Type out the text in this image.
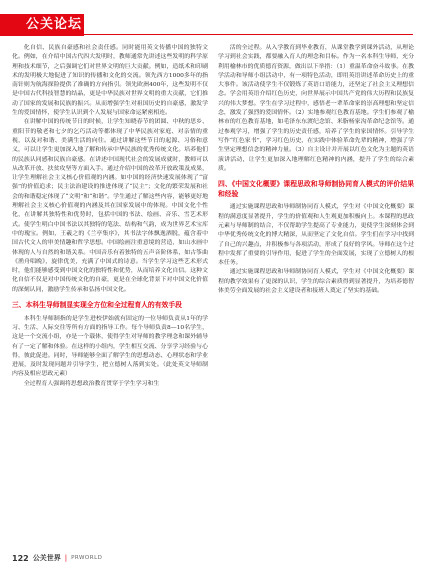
公关论坛

化自信、民族自豪感和社会责任感。同时能用英文传播中国的独特文化。例如，在介绍中国古代四大发明时，教师通常先讲述这些发明的科学原理和技术细节，之后强调它们对世界文明的巨大贡献。例如，造纸术和印刷术的发明极大地促进了知识的传播和文化的交流。领先西方1000多年的指南针则为航海探险提供了准确的方向指引。领先欧洲400年，这些发明不仅是中国古代科技智慧的结晶，更是中华民族对世界文明的重大贡献，它们推动了国家的发展和民族的振兴。从而增强学生对祖国历史的自豪感，激发学生的爱国情怀，使学生认识到个人发展与国家命运紧密相连。

在讲解中国的传统节日的时候，让学生知晓春节的团圆、中秋的思乡、重阳节的敬老和七夕的乞巧活动等都体现了中华民族对家庭、对亲情的重视，以及对和谐、美满生活的向往。通过讲解这些节日的起源、习俗和意义，可以让学生更加深入地了解和传承中华民族的优秀传统文化。培养他们的民族认同感和民族自豪感。在讲述中国现代社会的发展成就时，教师可以从改革开放、扶贫攻坚等方面入手。通过介绍中国的改革开放政策及成果，让学生理解社会主义核心价值观的内涵。如中国的经济快速发展体现了“富强”的价值追求；民主法治建设的推进体现了“民主”；文化的繁荣发展和社会的和谐稳定体现了“文明”和“和谐”。学生通过了解这些内容，能够更好地理解社会主义核心价值观的内涵及其在国家发展中的体现。中国文化个性化，在讲解其独特性和优势时，包括中国的书法、绘画、音乐、雪艺术形式。使学生明白中国书法以其独特的笔法、结构和气韵，成为世界艺术宝库中的瑰宝。例如，王羲之的《兰亭集序》，其书法字体飘逸洒脱，蕴含着中国古代文人的审美情趣和哲学思想。中国绘画注重意境的营造，如山水画中体现的人与自然的和谐关系。中国音乐有着独特的五声音阶体系，如古筝曲《渔舟唱晚》，旋律优美，充满了中国式的诗意。当学生学习这些艺术形式时，他们能够感受到中国文化的独特性和优势，从而培养文化自信。这种文化自信不仅是对中国传统文化的自豪，更是在全球化背景下对中国文化价值的深刻认同，激励学生传承和弘扬中国文化。

三、本科生导师制显实现全方位和全过程育人的有效手段

本科生导师制指的是学生进校伊始就有固定的一位导师负责从1年的学习、生活、人际交往等所有方面的指导工作。每个导师负责8—10名学生，这是一个交流小组，亦是一个载体，使得学生对导师的教学理念和课外辅导有了一定了解和体验。在这样的小组内，学生相互交流、分享学习经验与心得，彼此促进。同时，导师能够全面了解学生的思想动态、心理状态和学业进展，及时发现问题并引导学生，把立德树人落到实处。（此处英文导师制内容及相应思政元素）

全过程育人强调将思想政治教育贯穿于学生学习和生

活的全过程。从入学教育到毕业教育，从课堂教学到课外活动，从理论学习到社会实践，都要融入育人的理念和目标。作为一名本科生导师，充分利用榆林市的优质德育资源，做出以下举措：（1）重温革命奋斗故事。在教学活动和导师小组活动中，有一项特色活动，即用英语讲述革命历史上的重大事件。该活动使学生不仅锻炼了英语口语能力，还坚定了社会主义理想信念。学会用英语介绍红色历史，向世界展示中国共产党的伟大历程和民族复兴的伟大梦想。学生在学习过程中，感悟老一辈革命家的崇高理想和坚定信念，激发了强烈的爱国情怀。（2）实地参观红色教育基地。学生们参观了榆林市的红色教育基地，如毛泽东东渡纪念馆、米脂杨家沟革命纪念馆等。通过参观学习，增强了学生的历史责任感，培养了学生的家国情怀。引导学生写作“红色家书”，学习红色历史，在实践中体验革命先辈的精神，增强了学生坚定理想信念的精神力量。（3）自主设计并开展以红色文化为主题的英语演讲活动，让学生更加深入地理解红色精神的内涵，提升了学生的综合素质。

四、《中国文化概要》课程思政和导师制协同育人模式的评价结果和经验

通过实施课程思政和导师制协同育人模式，学生对《中国文化概要》课程的满意度显著提升，学生的价值观和人生观更加积极向上。本课程的思政元素与导师制的结合，不仅帮助学生提高了专业能力，更使学生深刻体会到中华优秀传统文化的博大精深，从而坚定了文化自信。学生们在学习中找到了自己的兴趣点，并积极参与各项活动，形成了良好的学风。导师在这个过程中发挥了重要的引导作用，促进了学生的全面发展，实现了立德树人的根本任务。

通过实施课程思政和导师制协同育人模式，学生对《中国文化概要》课程的教学效果有了更深的认识，学生的综合素质得到显著提升，为培养德智体美劳全面发展的社会主义建设者和接班人奠定了坚实的基础。

122 公关世界 | PRWORLD
